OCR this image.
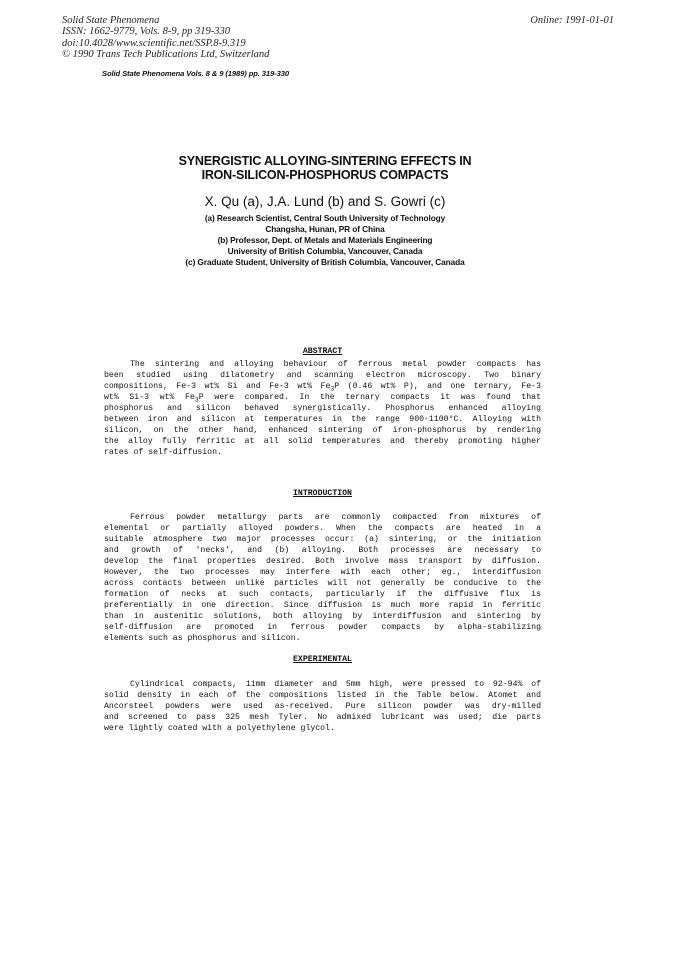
Solid State Phenomena
ISSN: 1662-9779, Vols. 8-9, pp 319-330
doi:10.4028/www.scientific.net/SSP.8-9.319
© 1990 Trans Tech Publications Ltd, Switzerland
Online: 1991-01-01
Solid State Phenomena Vols. 8 & 9 (1989) pp. 319-330
SYNERGISTIC ALLOYING-SINTERING EFFECTS IN
IRON-SILICON-PHOSPHORUS COMPACTS
X. Qu (a), J.A. Lund (b) and S. Gowri (c)
(a) Research Scientist, Central South University of Technology
Changsha, Hunan, PR of China
(b) Professor, Dept. of Metals and Materials Engineering
University of British Columbia, Vancouver, Canada
(c) Graduate Student, University of British Columbia, Vancouver, Canada
ABSTRACT
The sintering and alloying behaviour of ferrous metal powder compacts has
been studied using dilatometry and scanning electron microscopy. Two binary
compositions, Fe-3 wt% Si and Fe-3 wt% $Fe_3P$ (0.46 wt% P), and one ternary, Fe-3
wt% Si-3 wt% $Fe_3P$ were compared. In the ternary compacts it was found that
phosphorus and silicon behaved synergistically. Phosphorus enhanced alloying
between iron and silicon at temperatures in the range 900-1100°C. Alloying with
silicon, on the other hand, enhanced sintering of iron-phosphorus by rendering
the alloy fully ferritic at all solid temperatures and thereby promoting higher
rates of self-diffusion.
INTRODUCTION
Ferrous powder metallurgy parts are commonly compacted from mixtures of
elemental or partially alloyed powders. When the compacts are heated in a
suitable atmosphere two major processes occur: (a) sintering, or the initiation
and growth of 'necks', and (b) alloying. Both processes are necessary to
develop the final properties desired. Both involve mass transport by diffusion.
However, the two processes may interfere with each other; eg., interdiffusion
across contacts between unlike particles will not generally be conducive to the
formation of necks at such contacts, particularly if the diffusive flux is
preferentially in one direction. Since diffusion is much more rapid in ferritic
than in austenitic solutions, both alloying by interdiffusion and sintering by
self-diffusion are promoted in ferrous powder compacts by alpha-stabilizing
elements such as phosphorus and silicon.
EXPERIMENTAL
Cylindrical compacts, 11mm diameter and 5mm high, were pressed to 92-94% of
solid density in each of the compositions listed in the Table below. Atomet and
Ancorsteel powders were used as-received. Pure silicon powder was dry-milled
and screened to pass 325 mesh Tyler. No admixed lubricant was used; die parts
were lightly coated with a polyethylene glycol.
